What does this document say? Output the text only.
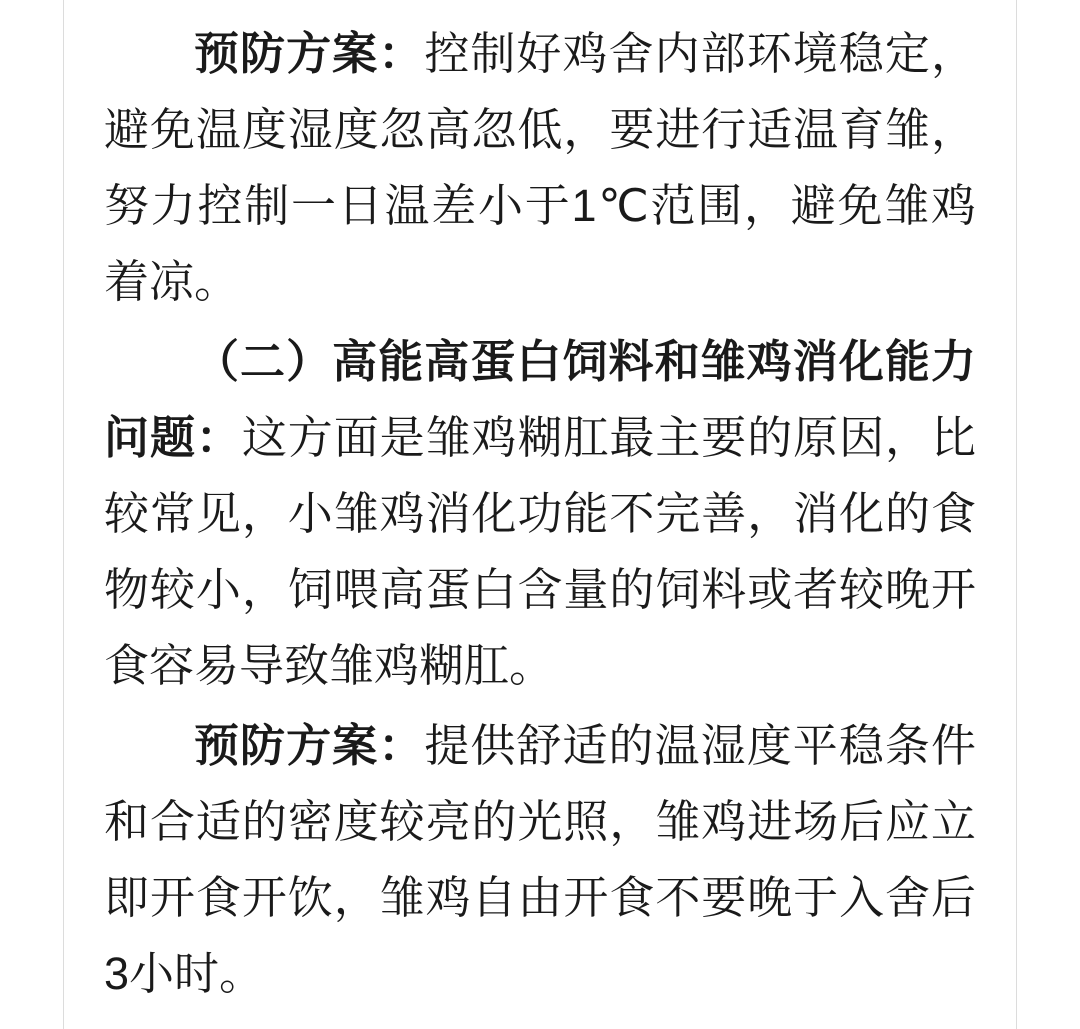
预防方案：控制好鸡舍内部环境稳定，避免温度湿度忽高忽低，要进行适温育雏，努力控制一日温差小于1℃范围，避免雏鸡着凉。

（二）高能高蛋白饲料和雏鸡消化能力问题：这方面是雏鸡糊肛最主要的原因，比较常见，小雏鸡消化功能不完善，消化的食物较小，饲喂高蛋白含量的饲料或者较晚开食容易导致雏鸡糊肛。

预防方案：提供舒适的温湿度平稳条件和合适的密度较亮的光照，雏鸡进场后应立即开食开饮，雏鸡自由开食不要晚于入舍后3小时。
